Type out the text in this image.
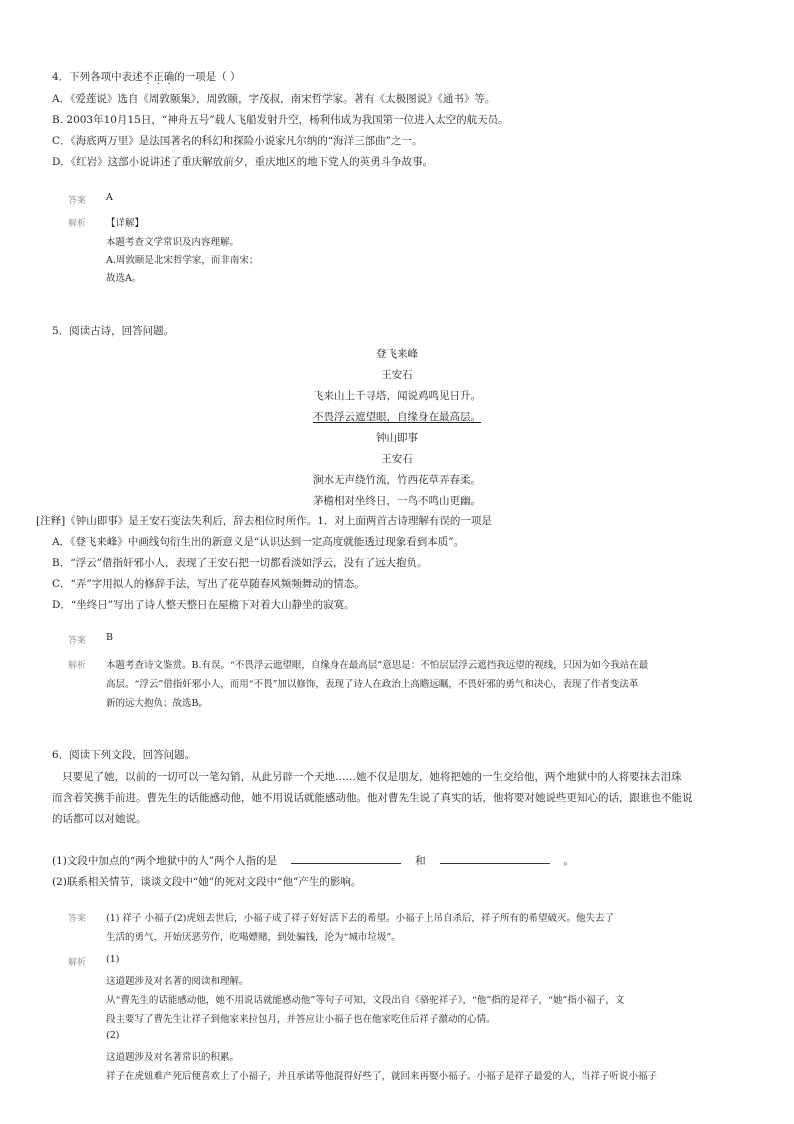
4．下列各项中表述不正确的一项是（ ）
A．《爱莲说》选自《周敦颐集》，周敦颐，字茂叔，南宋哲学家。著有《太极图说》《通书》等。
B. 2003年10月15日，“神舟五号”载人飞船发射升空，杨利伟成为我国第一位进入太空的航天员。
C．《海底两万里》是法国著名的科幻和探险小说家凡尔纳的“海洋三部曲”之一。
D．《红岩》这部小说讲述了重庆解放前夕，重庆地区的地下党人的英勇斗争故事。
答案 A
解析 【详解】
本题考查文学常识及内容理解。
A.周敦颐是北宋哲学家，而非南宋；
故选A。
5．阅读古诗，回答问题。
登飞来峰
王安石
飞来山上千寻塔，闻说鸡鸣见日升。
不畏浮云遮望眼，自缘身在最高层。
钟山即事
王安石
涧水无声绕竹流，竹西花草弄春柔。
茅檐相对坐终日，一鸟不鸣山更幽。
[注释]《钟山即事》是王安石变法失利后，辞去相位时所作。1．对上面两首古诗理解有误的一项是
A．《登飞来峰》中画线句衍生出的新意义是“认识达到一定高度就能透过现象看到本质”。
B．“浮云”借指奸邪小人，表现了王安石把一切都看淡如浮云，没有了远大抱负。
C．“弄”字用拟人的修辞手法，写出了花草随春风频频舞动的情态。
D．“坐终日”写出了诗人整天整日在屋檐下对着大山静坐的寂寞。
答案 B
解析 本题考查诗文鉴赏。B.有误。“不畏浮云遮望眼，自缘身在最高层”意思是：不怕层层浮云遮挡我远望的视线，只因为如今我站在最
高层。“浮云”借指奸邪小人，而用“不畏”加以修饰，表现了诗人在政治上高瞻远瞩，不畏奸邪的勇气和决心，表现了作者变法革
新的远大抱负；故选B。
6．阅读下列文段，回答问题。
只要见了她，以前的一切可以一笔勾销，从此另辟一个天地……她不仅是朋友，她将把她的一生交给他，两个地狱中的人将要抹去泪珠
而含着笑携手前进。曹先生的话能感动他，她不用说话就能感动他。他对曹先生说了真实的话，他将要对她说些更知心的话，跟谁也不能说
的话都可以对她说。
(1)文段中加点的“两个地狱中的人”两个人指的是	和	。
(2)联系相关情节，谈谈文段中“她”的死对文段中“他”产生的影响。
答案 (1) 祥子 小福子(2)虎妞去世后，小福子成了祥子好好活下去的希望。小福子上吊自杀后，祥子所有的希望破灭。他失去了
生活的勇气，开始厌恶劳作，吃喝嫖赌，到处骗钱，沦为“城市垃圾”。
解析 (1)
这道题涉及对名著的阅读和理解。
从“曹先生的话能感动他，她不用说话就能感动他”等句子可知，文段出自《骆驼祥子》，“他”指的是祥子，“她”指小福子，文
段主要写了曹先生让祥子到他家来拉包月，并答应让小福子也在他家吃住后祥子激动的心情。
(2)
这道题涉及对名著常识的积累。
祥子在虎妞难产死后便喜欢上了小福子，并且承诺等他混得好些了，就回来再娶小福子。小福子是祥子最爱的人，当祥子听说小福子
